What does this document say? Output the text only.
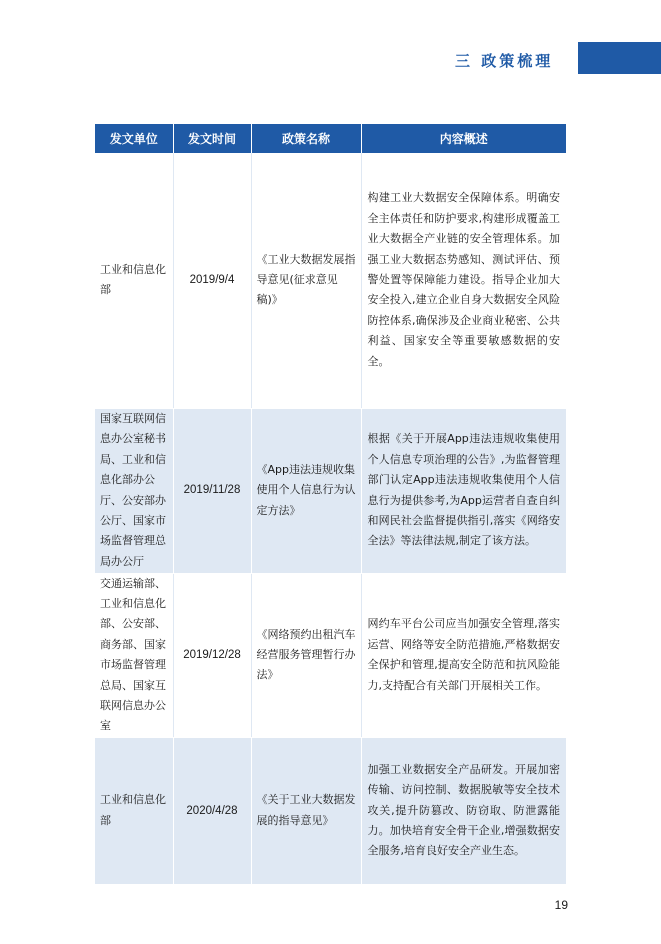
三 政策梳理
发文单位	发文时间	政策名称	内容概述
工业和信息化部	2019/9/4	《工业大数据发展指导意见(征求意见稿)》	构建工业大数据安全保障体系。明确安全主体责任和防护要求,构建形成覆盖工业大数据全产业链的安全管理体系。加强工业大数据态势感知、测试评估、预警处置等保障能力建设。指导企业加大安全投入,建立企业自身大数据安全风险防控体系,确保涉及企业商业秘密、公共利益、国家安全等重要敏感数据的安全。
国家互联网信息办公室秘书局、工业和信息化部办公厅、公安部办公厅、国家市场监督管理总局办公厅	2019/11/28	《App违法违规收集使用个人信息行为认定方法》	根据《关于开展App违法违规收集使用个人信息专项治理的公告》,为监督管理部门认定App违法违规收集使用个人信息行为提供参考,为App运营者自查自纠和网民社会监督提供指引,落实《网络安全法》等法律法规,制定了该方法。
交通运输部、工业和信息化部、公安部、商务部、国家市场监督管理总局、国家互联网信息办公室	2019/12/28	《网络预约出租汽车经营服务管理暂行办法》	网约车平台公司应当加强安全管理,落实运营、网络等安全防范措施,严格数据安全保护和管理,提高安全防范和抗风险能力,支持配合有关部门开展相关工作。
工业和信息化部	2020/4/28	《关于工业大数据发展的指导意见》	加强工业数据安全产品研发。开展加密传输、访问控制、数据脱敏等安全技术攻关,提升防篡改、防窃取、防泄露能力。加快培育安全骨干企业,增强数据安全服务,培育良好安全产业生态。
19
